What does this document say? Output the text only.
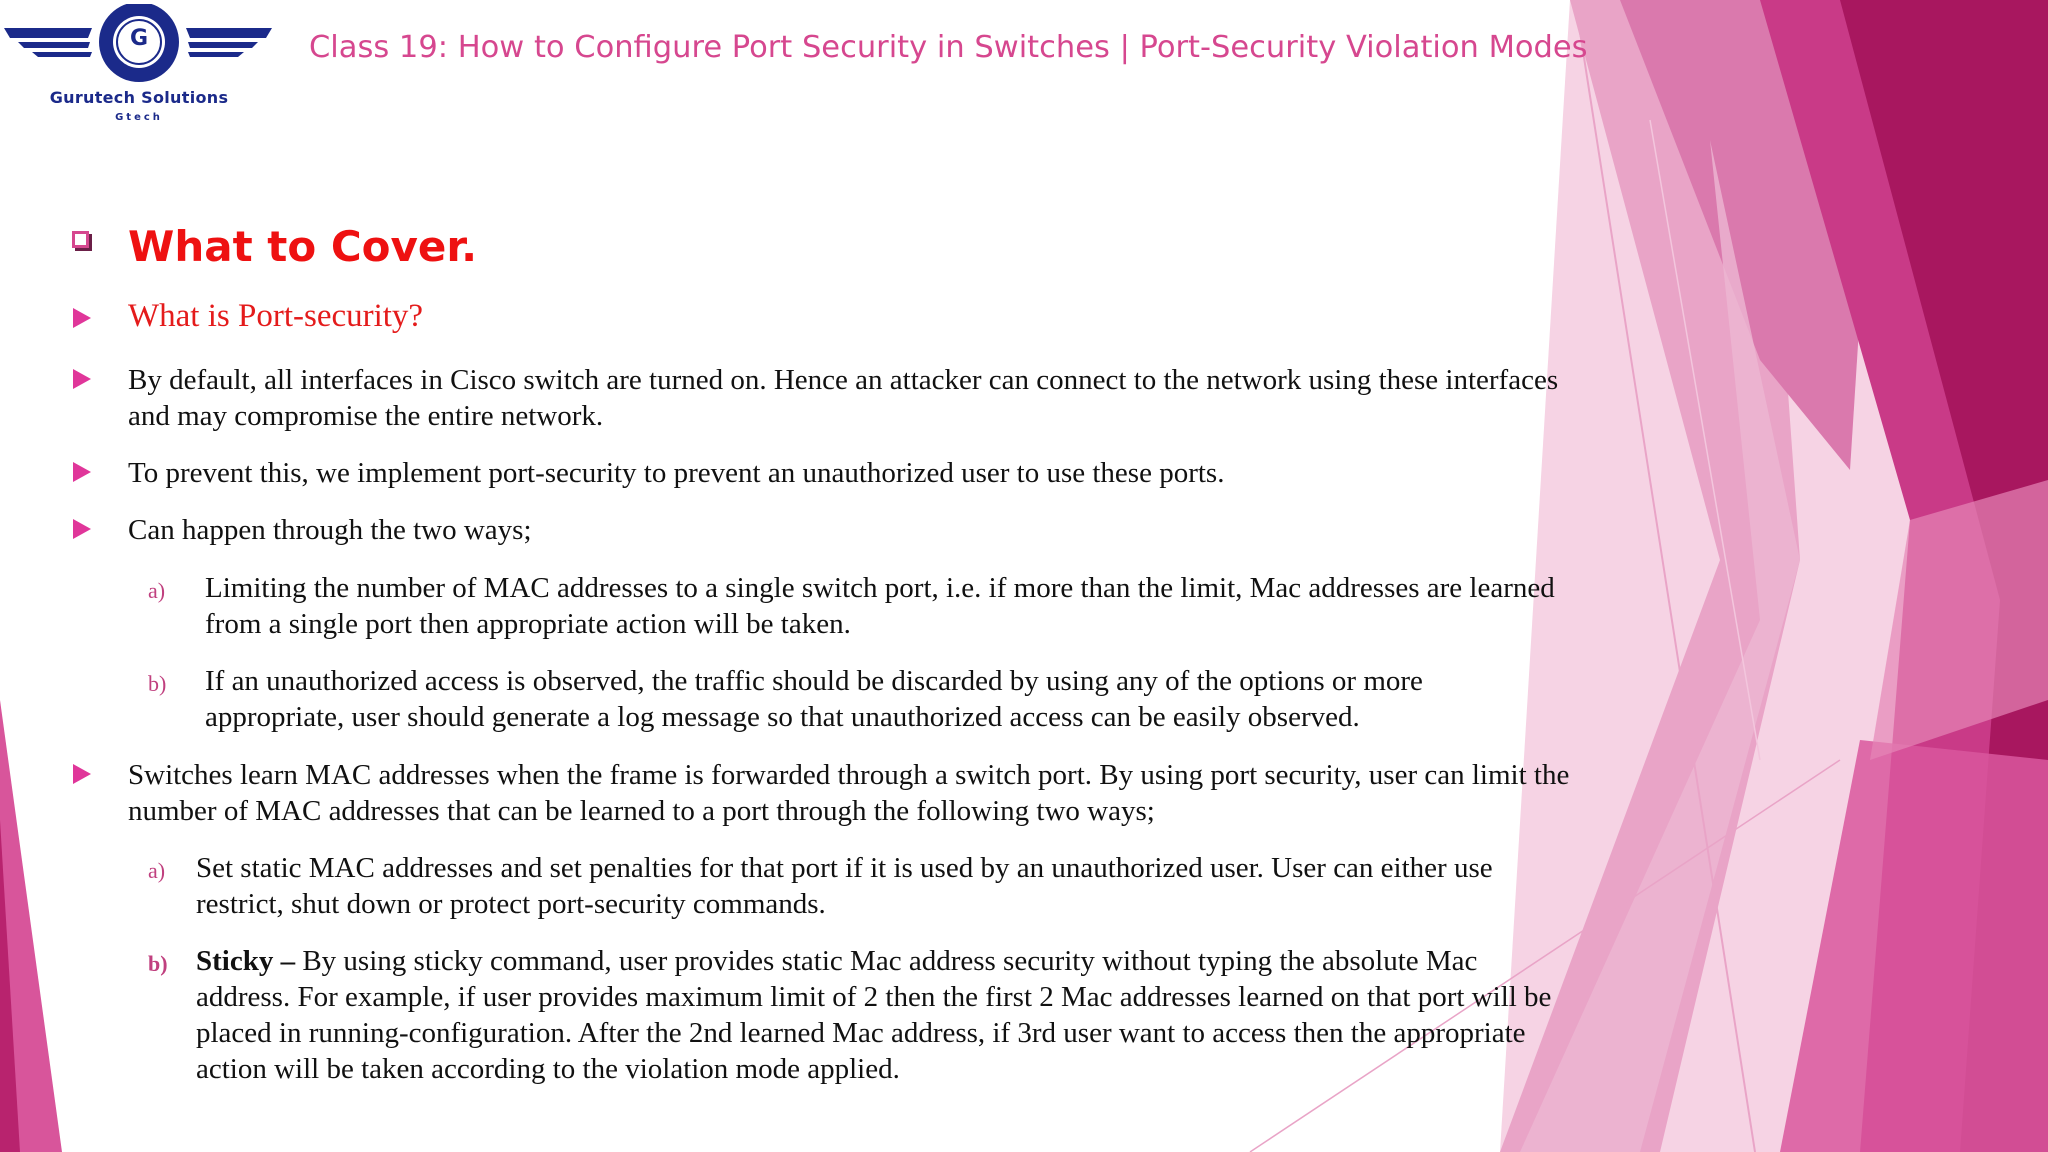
G
Gurutech Solutions
Gtech
Class 19: How to Configure Port Security in Switches | Port-Security Violation Modes
What to Cover.
What is Port-security?
By default, all interfaces in Cisco switch are turned on. Hence an attacker can connect to the network using these interfaces and may compromise the entire network.
To prevent this, we implement port-security to prevent an unauthorized user to use these ports.
Can happen through the two ways;
a) Limiting the number of MAC addresses to a single switch port, i.e. if more than the limit, Mac addresses are learned from a single port then appropriate action will be taken.
b) If an unauthorized access is observed, the traffic should be discarded by using any of the options or more appropriate, user should generate a log message so that unauthorized access can be easily observed.
Switches learn MAC addresses when the frame is forwarded through a switch port. By using port security, user can limit the number of MAC addresses that can be learned to a port through the following two ways;
a) Set static MAC addresses and set penalties for that port if it is used by an unauthorized user. User can either use restrict, shut down or protect port-security commands.
b) Sticky – By using sticky command, user provides static Mac address security without typing the absolute Mac address. For example, if user provides maximum limit of 2 then the first 2 Mac addresses learned on that port will be placed in running-configuration. After the 2nd learned Mac address, if 3rd user want to access then the appropriate action will be taken according to the violation mode applied.
